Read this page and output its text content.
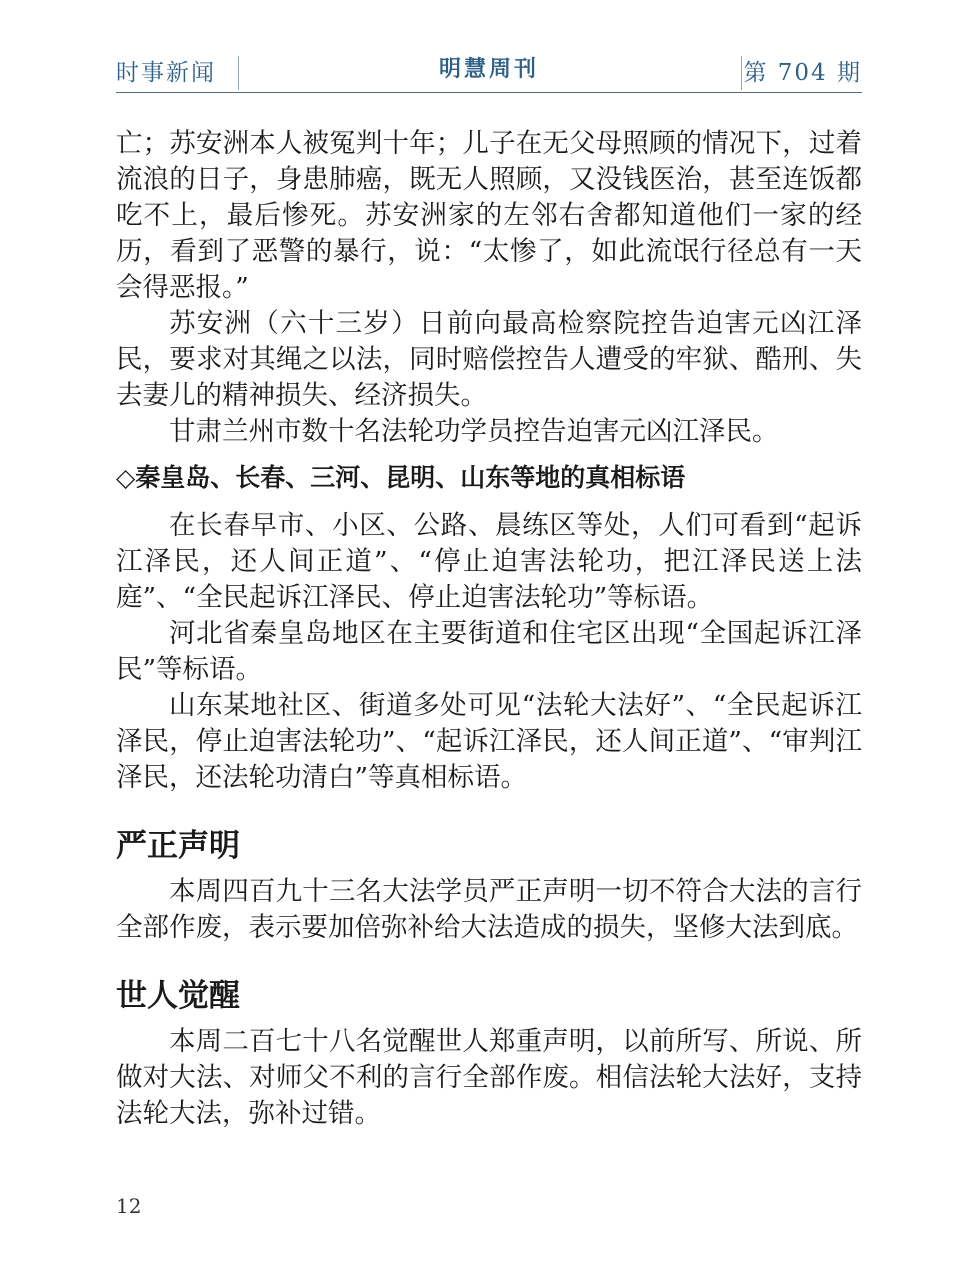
时事新闻	明慧周刊	第 704 期

亡；苏安洲本人被冤判十年；儿子在无父母照顾的情况下，过着流浪的日子，身患肺癌，既无人照顾，又没钱医治，甚至连饭都吃不上，最后惨死。苏安洲家的左邻右舍都知道他们一家的经历，看到了恶警的暴行，说：“太惨了，如此流氓行径总有一天会得恶报。”

苏安洲（六十三岁）日前向最高检察院控告迫害元凶江泽民，要求对其绳之以法，同时赔偿控告人遭受的牢狱、酷刑、失去妻儿的精神损失、经济损失。

甘肃兰州市数十名法轮功学员控告迫害元凶江泽民。

◇秦皇岛、长春、三河、昆明、山东等地的真相标语

在长春早市、小区、公路、晨练区等处，人们可看到“起诉江泽民，还人间正道”、“停止迫害法轮功，把江泽民送上法庭”、“全民起诉江泽民、停止迫害法轮功”等标语。

河北省秦皇岛地区在主要街道和住宅区出现“全国起诉江泽民”等标语。

山东某地社区、街道多处可见“法轮大法好”、“全民起诉江泽民，停止迫害法轮功”、“起诉江泽民，还人间正道”、“审判江泽民，还法轮功清白”等真相标语。

严正声明

本周四百九十三名大法学员严正声明一切不符合大法的言行全部作废，表示要加倍弥补给大法造成的损失，坚修大法到底。

世人觉醒

本周二百七十八名觉醒世人郑重声明，以前所写、所说、所做对大法、对师父不利的言行全部作废。相信法轮大法好，支持法轮大法，弥补过错。

12
